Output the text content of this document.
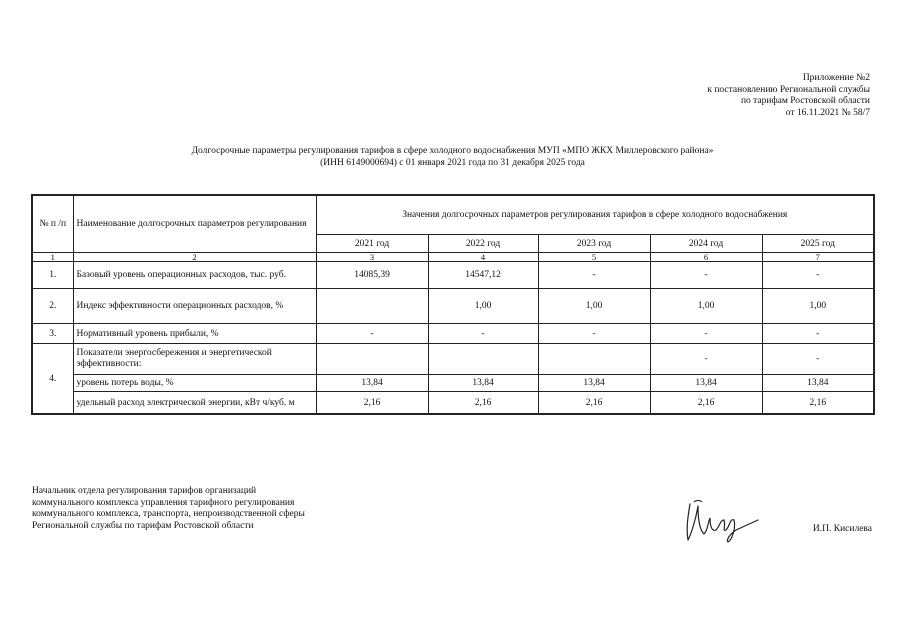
Приложение №2
к постановлению Региональной службы
по тарифам Ростовской области
от 16.11.2021 № 58/7
Долгосрочные параметры регулирования тарифов в сфере холодного водоснабжения МУП «МПО ЖКХ Миллеровского района»
(ИНН 6149000694) с 01 января 2021 года по 31 декабря 2025 года
№ п /п	Наименование долгосрочных параметров регулирования	Значения долгосрочных параметров регулирования тарифов в сфере холодного водоснабжения				
		2021 год	2022 год	2023 год	2024 год	2025 год
1	2	3	4	5	6	7
1.	Базовый уровень операционных расходов, тыс. руб.	14085,39	14547,12	-	-	-
2.	Индекс эффективности операционных расходов, %		1,00	1,00	1,00	1,00
3.	Нормативный уровень прибыли, %	-	-	-	-	-
4.	Показатели энергосбережения и энергетической эффективности:				-	-
	уровень потерь воды, %	13,84	13,84	13,84	13,84	13,84
	удельный расход электрической энергии, кВт ч/куб. м	2,16	2,16	2,16	2,16	2,16
Начальник отдела регулирования тарифов организаций
коммунального комплекса управления тарифного регулирования
коммунального комплекса, транспорта, непроизводственной сферы
Региональной службы по тарифам Ростовской области	И.П. Кисилева
